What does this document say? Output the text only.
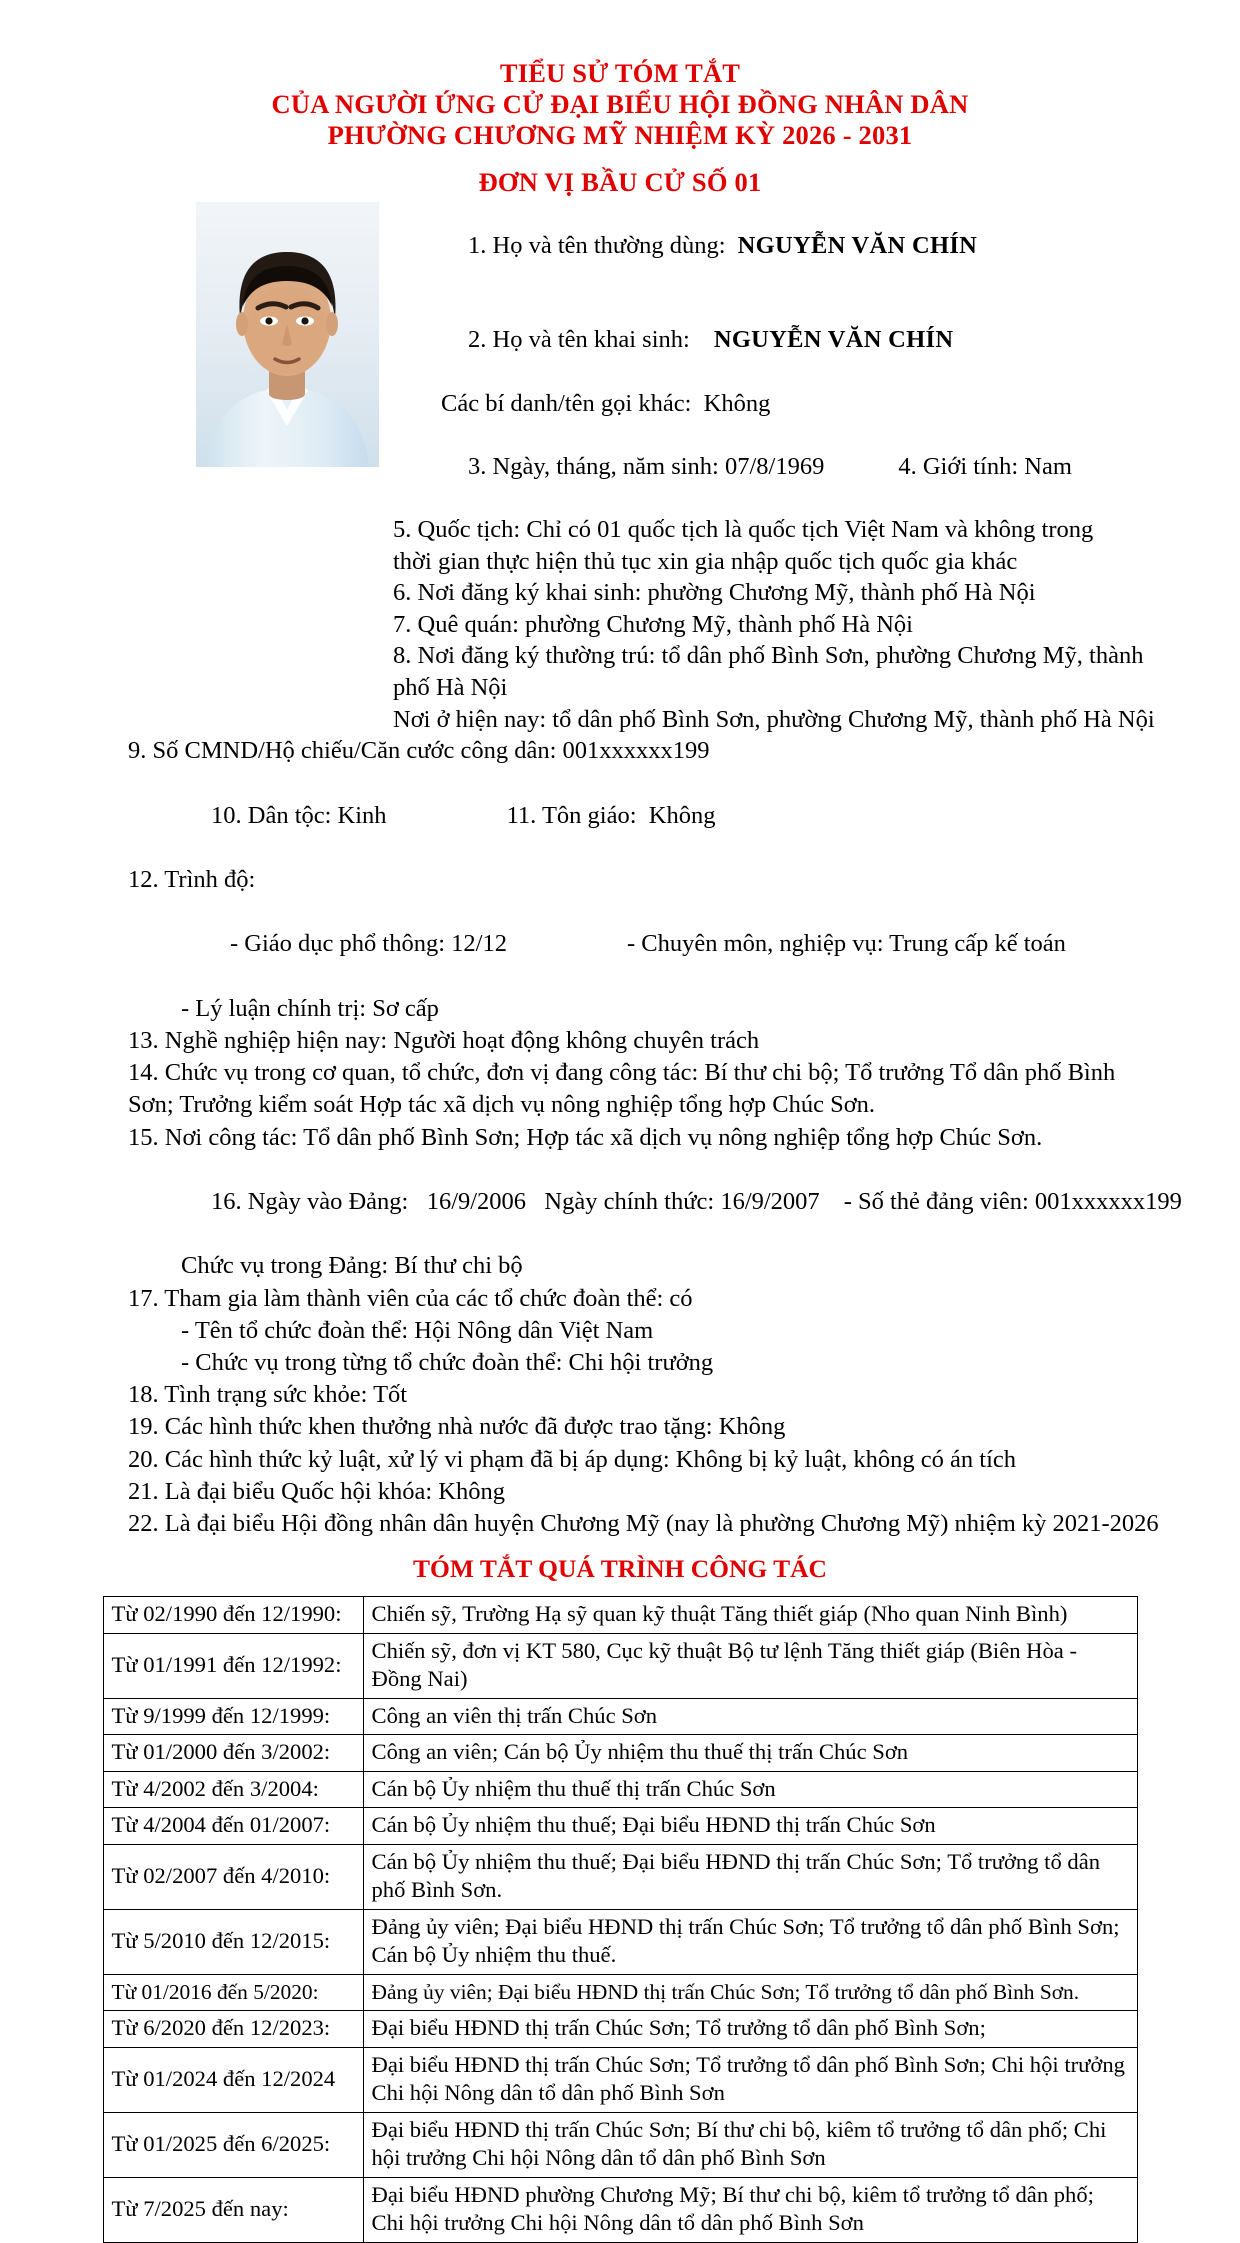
TIỂU SỬ TÓM TẮT
CỦA NGƯỜI ỨNG CỬ ĐẠI BIỂU HỘI ĐỒNG NHÂN DÂN
PHƯỜNG CHƯƠNG MỸ NHIỆM KỲ 2026 - 2031
ĐƠN VỊ BẦU CỬ SỐ 01

1. Họ và tên thường dùng: NGUYỄN VĂN CHÍN

2. Họ và tên khai sinh: NGUYỄN VĂN CHÍN

Các bí danh/tên gọi khác:  Không

3. Ngày, tháng, năm sinh: 07/8/1969	4. Giới tính: Nam

5. Quốc tịch: Chỉ có 01 quốc tịch là quốc tịch Việt Nam và không trong
thời gian thực hiện thủ tục xin gia nhập quốc tịch quốc gia khác
6. Nơi đăng ký khai sinh: phường Chương Mỹ, thành phố Hà Nội
7. Quê quán: phường Chương Mỹ, thành phố Hà Nội
8. Nơi đăng ký thường trú: tổ dân phố Bình Sơn, phường Chương Mỹ, thành
phố Hà Nội
Nơi ở hiện nay: tổ dân phố Bình Sơn, phường Chương Mỹ, thành phố Hà Nội
9. Số CMND/Hộ chiếu/Căn cước công dân: 001xxxxxx199

10. Dân tộc: Kinh	11. Tôn giáo:  Không

12. Trình độ:

- Giáo dục phổ thông: 12/12	- Chuyên môn, nghiệp vụ: Trung cấp kế toán

- Lý luận chính trị: Sơ cấp
13. Nghề nghiệp hiện nay: Người hoạt động không chuyên trách
14. Chức vụ trong cơ quan, tổ chức, đơn vị đang công tác: Bí thư chi bộ; Tổ trưởng Tổ dân phố Bình
Sơn; Trưởng kiểm soát Hợp tác xã dịch vụ nông nghiệp tổng hợp Chúc Sơn.
15. Nơi công tác: Tổ dân phố Bình Sơn; Hợp tác xã dịch vụ nông nghiệp tổng hợp Chúc Sơn.

16. Ngày vào Đảng:   16/9/2006   Ngày chính thức: 16/9/2007 - Số thẻ đảng viên: 001xxxxxx199

Chức vụ trong Đảng: Bí thư chi bộ
17. Tham gia làm thành viên của các tổ chức đoàn thể: có
- Tên tổ chức đoàn thể: Hội Nông dân Việt Nam
- Chức vụ trong từng tổ chức đoàn thể: Chi hội trưởng
18. Tình trạng sức khỏe: Tốt
19. Các hình thức khen thưởng nhà nước đã được trao tặng: Không
20. Các hình thức kỷ luật, xử lý vi phạm đã bị áp dụng: Không bị kỷ luật, không có án tích
21. Là đại biểu Quốc hội khóa: Không
22. Là đại biểu Hội đồng nhân dân huyện Chương Mỹ (nay là phường Chương Mỹ) nhiệm kỳ 2021-2026
TÓM TẮT QUÁ TRÌNH CÔNG TÁC
Từ 02/1990 đến 12/1990:	Chiến sỹ, Trường Hạ sỹ quan kỹ thuật Tăng thiết giáp (Nho quan Ninh Bình)
Từ 01/1991 đến 12/1992:	Chiến sỹ, đơn vị KT 580, Cục kỹ thuật Bộ tư lệnh Tăng thiết giáp (Biên Hòa - Đồng Nai)
Từ 9/1999 đến 12/1999:	Công an viên thị trấn Chúc Sơn
Từ 01/2000 đến 3/2002:	Công an viên; Cán bộ Ủy nhiệm thu thuế thị trấn Chúc Sơn
Từ 4/2002 đến 3/2004:	Cán bộ Ủy nhiệm thu thuế thị trấn Chúc Sơn
Từ 4/2004 đến 01/2007:	Cán bộ Ủy nhiệm thu thuế; Đại biểu HĐND thị trấn Chúc Sơn
Từ 02/2007 đến 4/2010:	Cán bộ Ủy nhiệm thu thuế; Đại biểu HĐND thị trấn Chúc Sơn; Tổ trưởng tổ dân phố Bình Sơn.
Từ 5/2010 đến 12/2015:	Đảng ủy viên; Đại biểu HĐND thị trấn Chúc Sơn; Tổ trưởng tổ dân phố Bình Sơn; Cán bộ Ủy nhiệm thu thuế.
Từ 01/2016 đến 5/2020:	Đảng ủy viên; Đại biểu HĐND thị trấn Chúc Sơn; Tổ trưởng tổ dân phố Bình Sơn.
Từ 6/2020 đến 12/2023:	Đại biểu HĐND thị trấn Chúc Sơn; Tổ trưởng tổ dân phố Bình Sơn;
Từ 01/2024 đến 12/2024	Đại biểu HĐND thị trấn Chúc Sơn; Tổ trưởng tổ dân phố Bình Sơn; Chi hội trưởng Chi hội Nông dân tổ dân phố Bình Sơn
Từ 01/2025 đến 6/2025:	Đại biểu HĐND thị trấn Chúc Sơn; Bí thư chi bộ, kiêm tổ trưởng tổ dân phố; Chi hội trưởng Chi hội Nông dân tổ dân phố Bình Sơn
Từ 7/2025 đến nay:	Đại biểu HĐND phường Chương Mỹ; Bí thư chi bộ, kiêm tổ trưởng tổ dân phố; Chi hội trưởng Chi hội Nông dân tổ dân phố Bình Sơn
